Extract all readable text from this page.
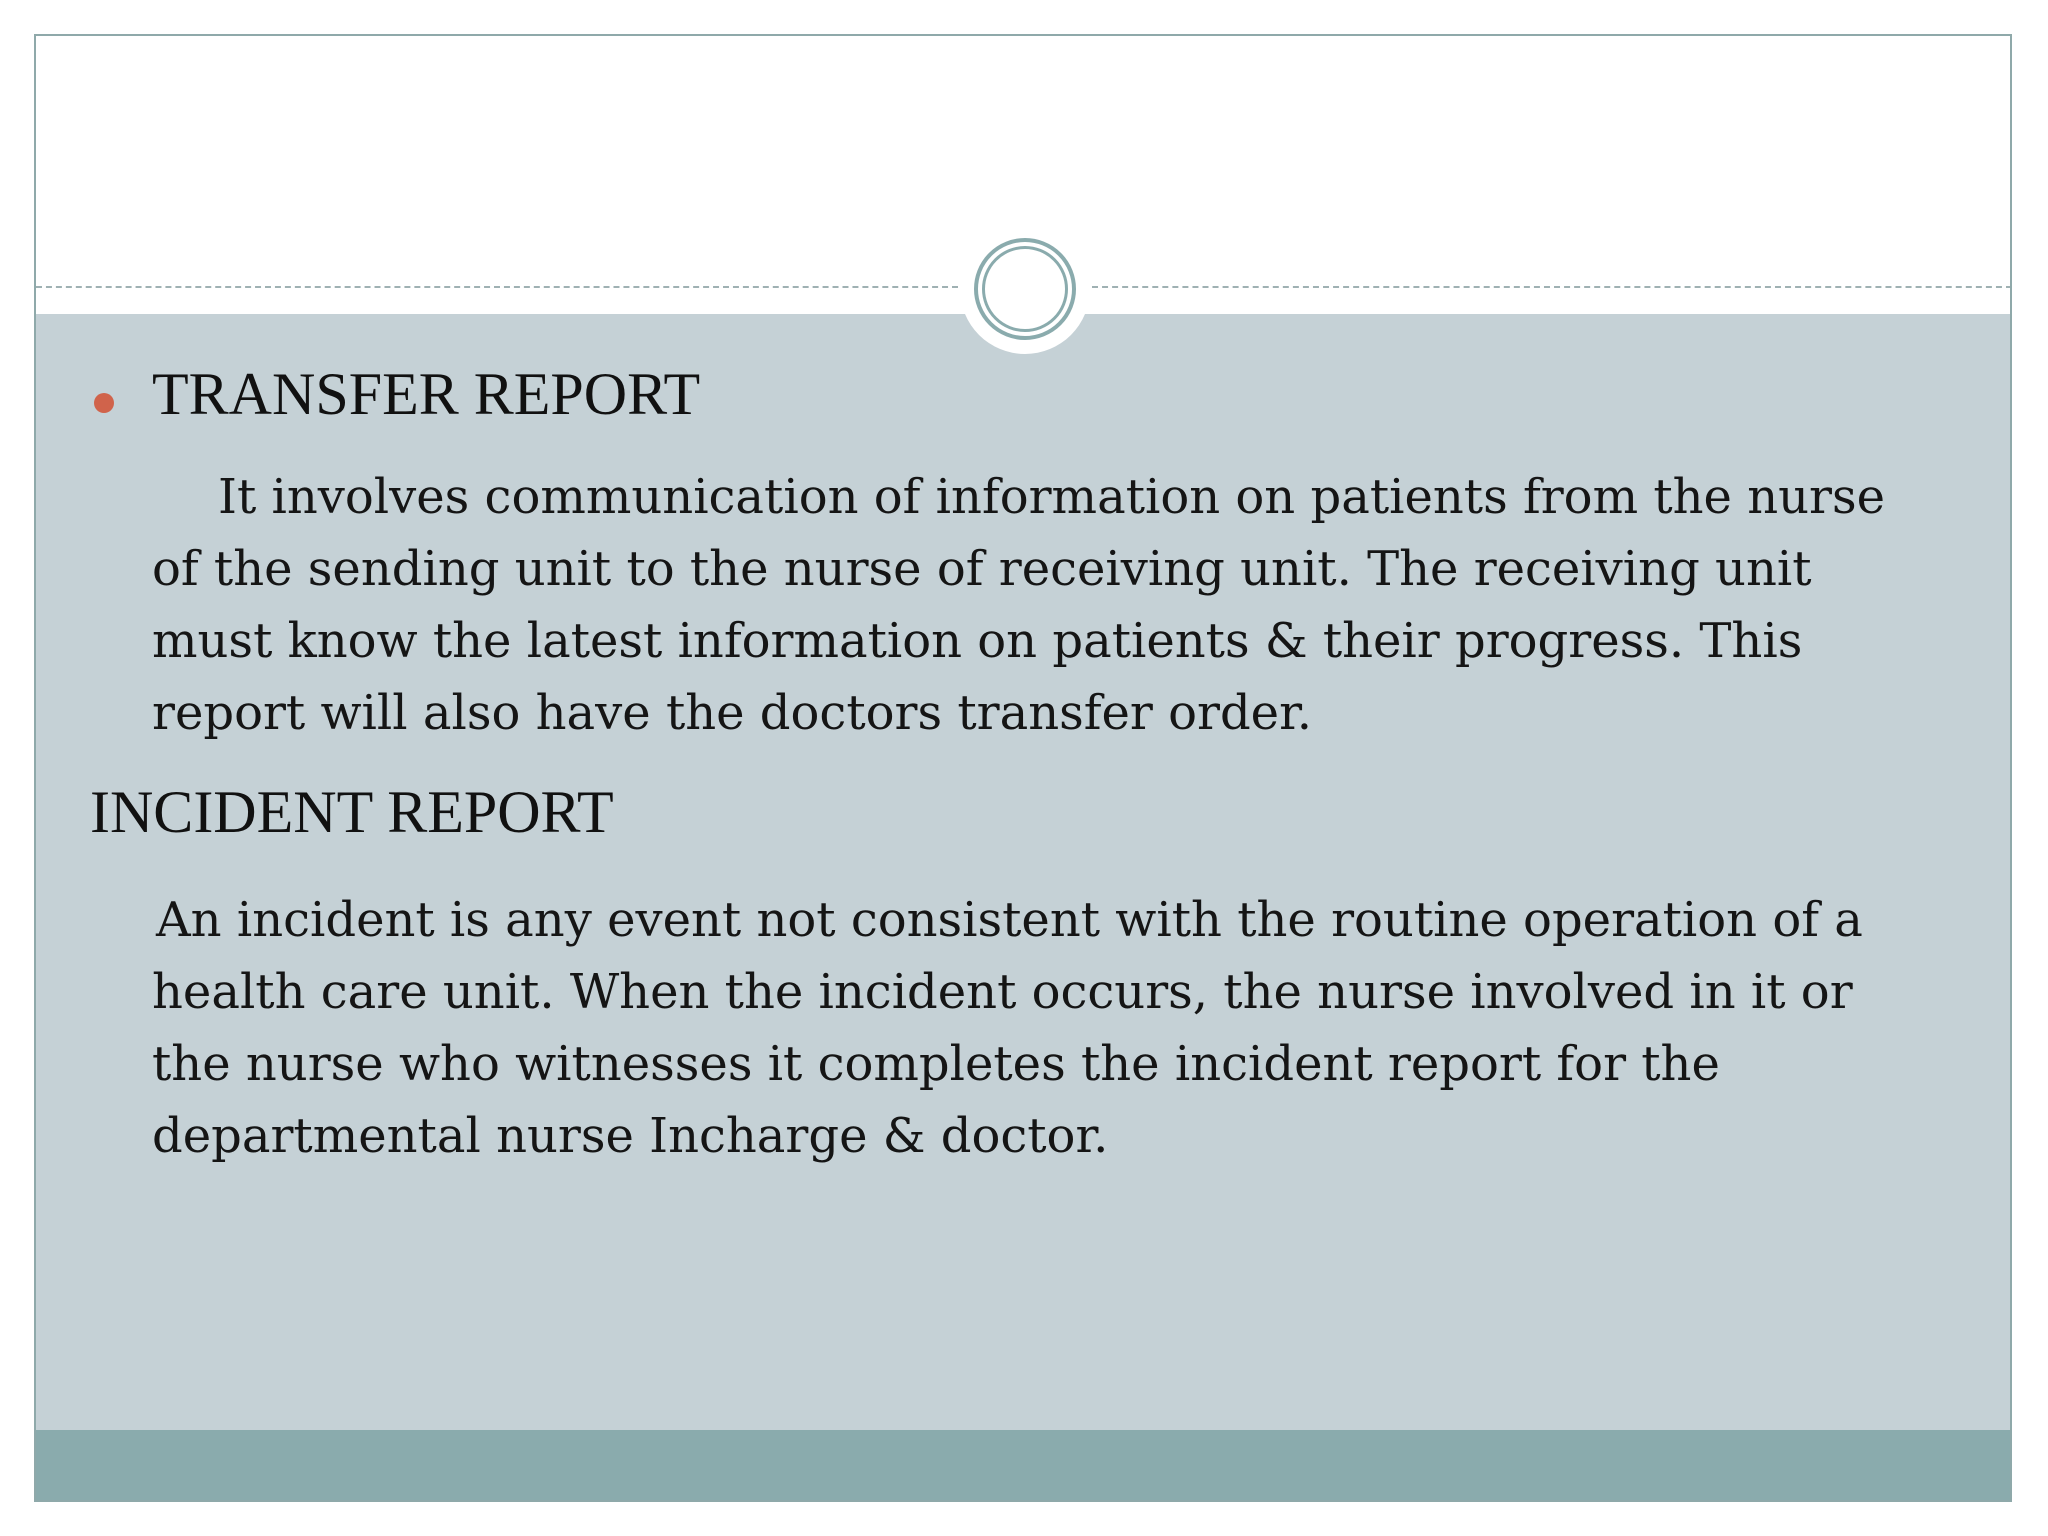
TRANSFER REPORT
It involves communication of information on patients from the nurse
of the sending unit to the nurse of receiving unit. The receiving unit
must know the latest information on patients & their progress. This
report will also have the doctors transfer order.
INCIDENT REPORT
An incident is any event not consistent with the routine operation of a
health care unit. When the incident occurs, the nurse involved in it or
the nurse who witnesses it completes the incident report for the
departmental nurse Incharge & doctor.
